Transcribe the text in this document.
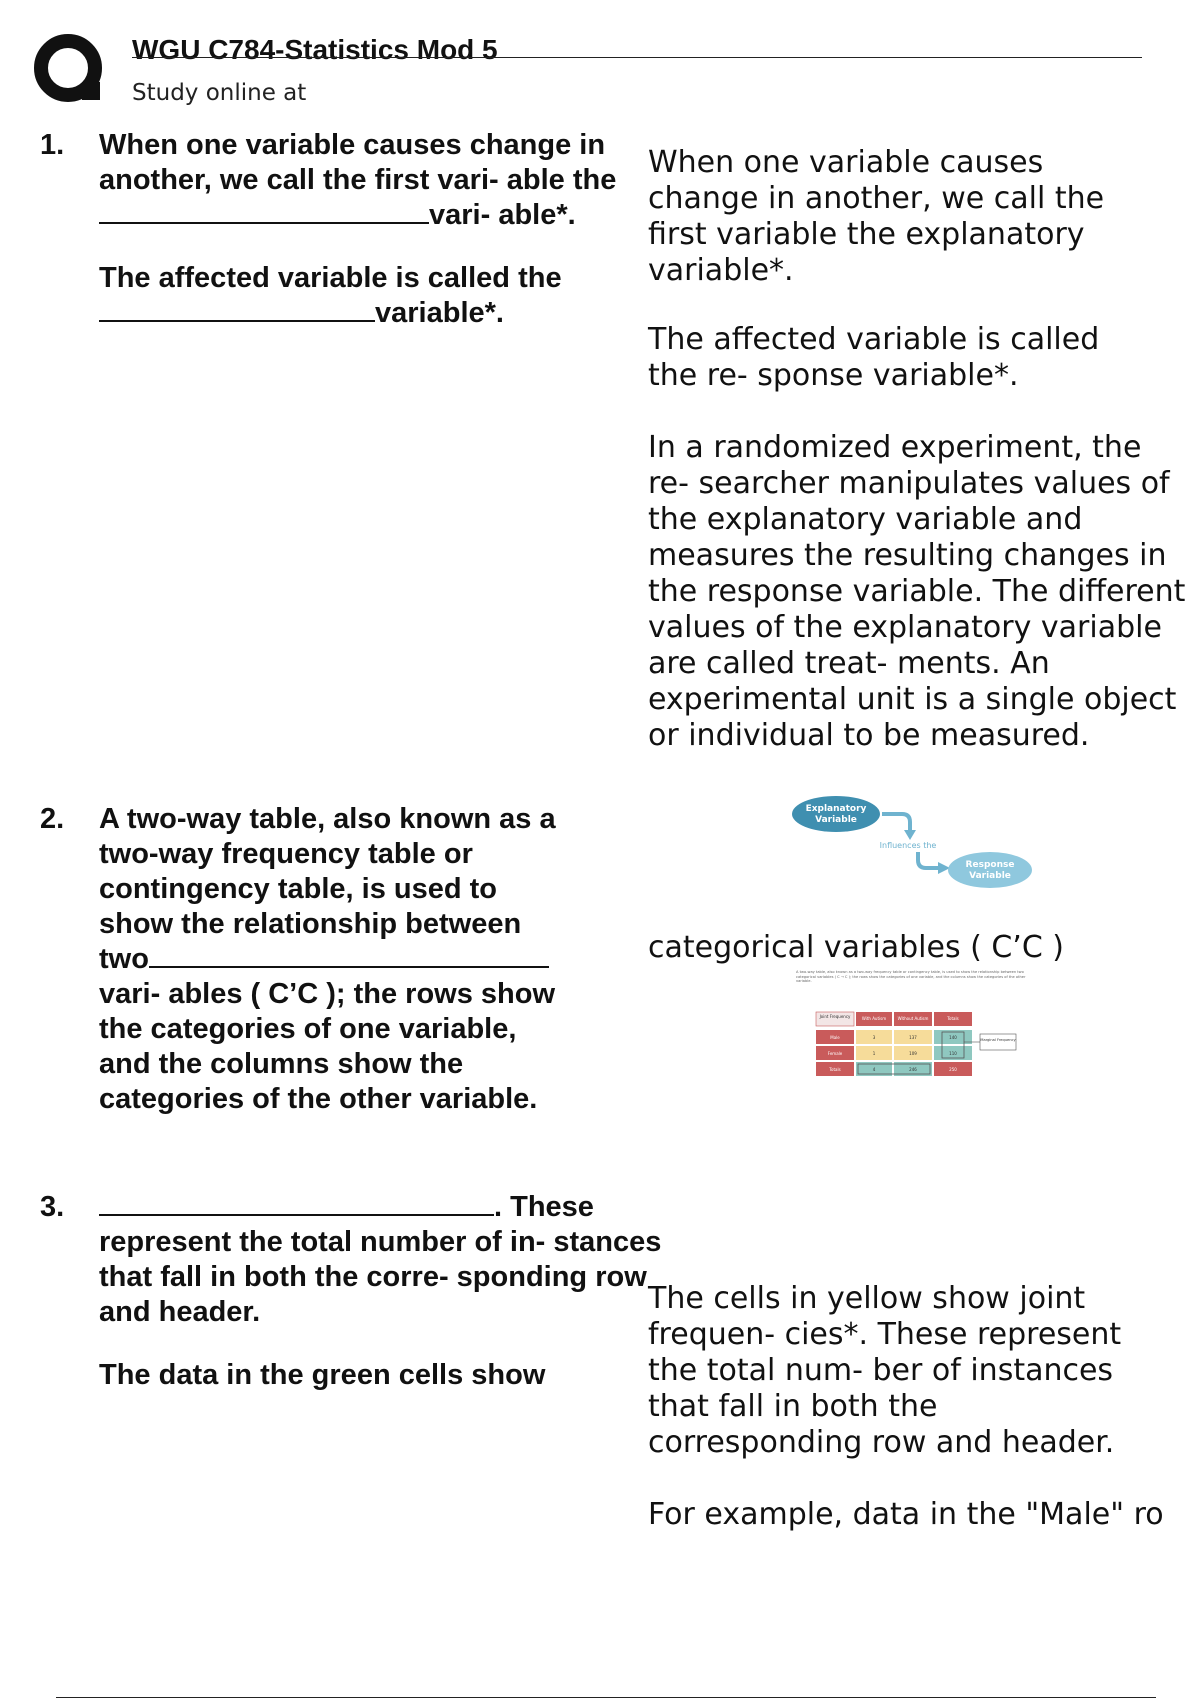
WGU C784-Statistics Mod 5
Study online at
1. When one variable causes change in another, we call the first vari- able thevari- able*.

The affected variable is called the
variable*.

2. A two-way table, also known as a two-way frequency table or contingency table, is used to show the relationship between twovari- ables ( C’C ); the rows show the categories of one variable, and the columns show the categories of the other variable.

3.	. These represent the total number of in- stances that fall in both the corre- sponding row and header.

The data in the green cells show

When one variable causes change in another, we call the first variable the explanatory variable*.
The affected variable is called the re- sponse variable*.
In a randomized experiment, the re- searcher manipulates values of the explanatory variable and measures the resulting changes in the response variable. The different values of the explanatory variable are called treat- ments. An experimental unit is a single object or individual to be measured.
Explanatory Variable
Influences the
Response Variable
categorical variables ( C’C )
A two-way table, also known as a two-way frequency table or contingency table, is used to show the relationship between two categorical variables ( C → C ); the rows show the categories of one variable, and the columns show the categories of the other variable.
Joint Frequency	With Autism	Without Autism	Totals
Male	3	137	140
Female	1	109	110
Totals	4	246	250
Marginal Frequency
The cells in yellow show joint frequen- cies*. These represent the total num- ber of instances that fall in both the corresponding row and header.
For example, data in the "Male" ro
